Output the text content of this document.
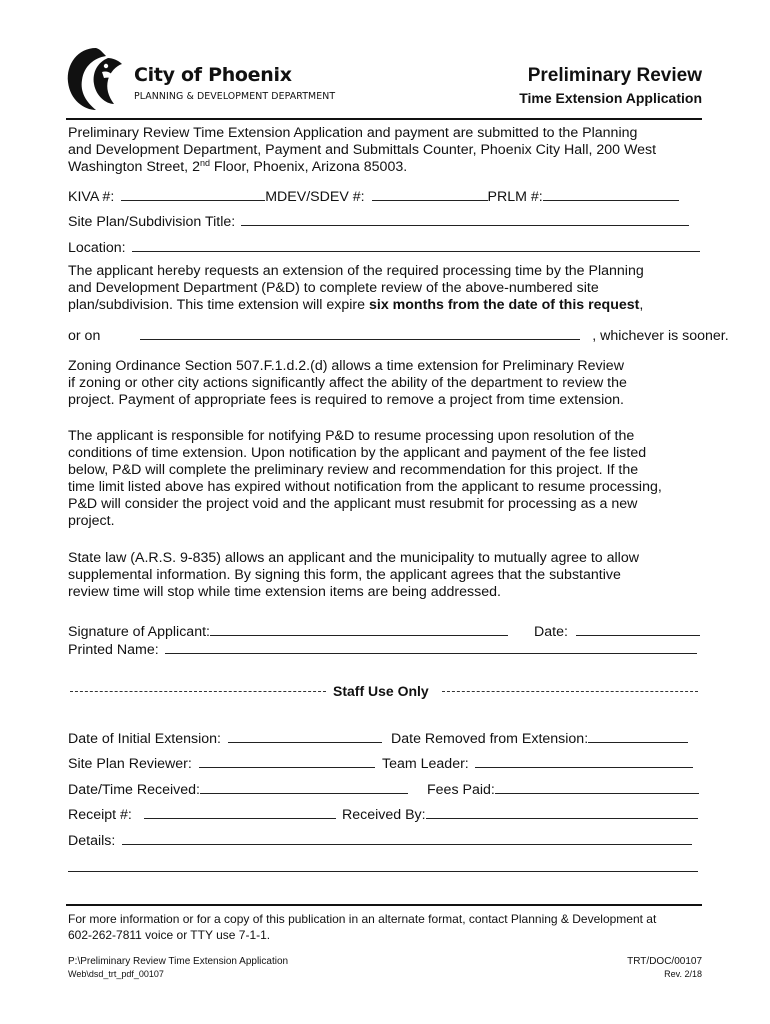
City of Phoenix
PLANNING & DEVELOPMENT DEPARTMENT
Preliminary Review
Time Extension Application
Preliminary Review Time Extension Application and payment are submitted to the Planning
and Development Department, Payment and Submittals Counter, Phoenix City Hall, 200 West
Washington Street, 2nd Floor, Phoenix, Arizona 85003.
KIVA #:	MDEV/SDEV #:	PRLM #:
Site Plan/Subdivision Title:
Location:
The applicant hereby requests an extension of the required processing time by the Planning
and Development Department (P&D) to complete review of the above-numbered site
plan/subdivision. This time extension will expire six months from the date of this request,
or on	, whichever is sooner.
Zoning Ordinance Section 507.F.1.d.2.(d) allows a time extension for Preliminary Review
if zoning or other city actions significantly affect the ability of the department to review the
project. Payment of appropriate fees is required to remove a project from time extension.
The applicant is responsible for notifying P&D to resume processing upon resolution of the
conditions of time extension. Upon notification by the applicant and payment of the fee listed
below, P&D will complete the preliminary review and recommendation for this project. If the
time limit listed above has expired without notification from the applicant to resume processing,
P&D will consider the project void and the applicant must resubmit for processing as a new
project.
State law (A.R.S. 9-835) allows an applicant and the municipality to mutually agree to allow
supplemental information. By signing this form, the applicant agrees that the substantive
review time will stop while time extension items are being addressed.
Signature of Applicant:	Date:
Printed Name:
Staff Use Only
Date of Initial Extension:	Date Removed from Extension:
Site Plan Reviewer:	Team Leader:
Date/Time Received:	Fees Paid:
Receipt #:	Received By:
Details:
For more information or for a copy of this publication in an alternate format, contact Planning & Development at
602-262-7811 voice or TTY use 7-1-1.
P:\Preliminary Review Time Extension Application
Web\dsd_trt_pdf_00107
TRT/DOC/00107
Rev. 2/18
